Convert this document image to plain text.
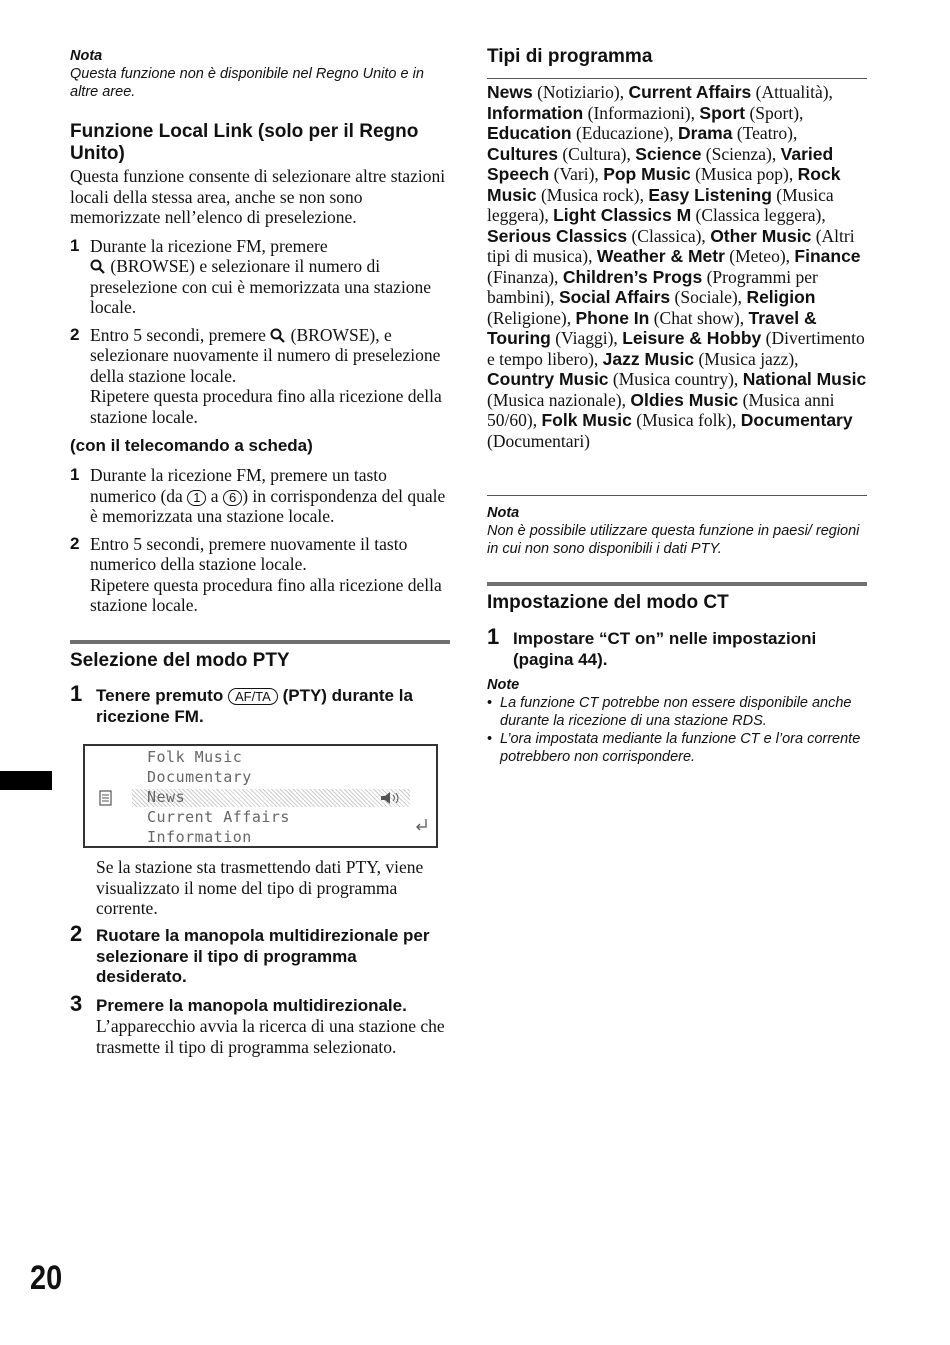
Nota
Questa funzione non è disponibile nel Regno Unito e in altre aree.
Funzione Local Link (solo per il Regno Unito)
Questa funzione consente di selezionare altre stazioni locali della stessa area, anche se non sono memorizzate nell’elenco di preselezione.
1 Durante la ricezione FM, premere
(BROWSE) e selezionare il numero di preselezione con cui è memorizzata una stazione locale.
2 Entro 5 secondi, premere (BROWSE), e selezionare nuovamente il numero di preselezione della stazione locale.
Ripetere questa procedura fino alla ricezione della stazione locale.
(con il telecomando a scheda)
1 Durante la ricezione FM, premere un tasto numerico (da 1 a 6 ) in corrispondenza del quale è memorizzata una stazione locale.
2 Entro 5 secondi, premere nuovamente il tasto numerico della stazione locale.
Ripetere questa procedura fino alla ricezione della stazione locale.
Selezione del modo PTY
1 Tenere premuto AF/TA (PTY) durante la ricezione FM.
Folk Music
Documentary
News
Current Affairs
Information
Se la stazione sta trasmettendo dati PTY, viene visualizzato il nome del tipo di programma corrente.
2 Ruotare la manopola multidirezionale per selezionare il tipo di programma desiderato.
3 Premere la manopola multidirezionale.
L’apparecchio avvia la ricerca di una stazione che trasmette il tipo di programma selezionato.
Tipi di programma
News (Notiziario), Current Affairs (Attualità), Information (Informazioni), Sport (Sport), Education (Educazione), Drama (Teatro), Cultures (Cultura), Science (Scienza), Varied Speech (Vari), Pop Music (Musica pop), Rock Music (Musica rock), Easy Listening (Musica leggera), Light Classics M (Classica leggera), Serious Classics (Classica), Other Music (Altri tipi di musica), Weather & Metr (Meteo), Finance (Finanza), Children’s Progs (Programmi per bambini), Social Affairs (Sociale), Religion (Religione), Phone In (Chat show), Travel & Touring (Viaggi), Leisure & Hobby (Divertimento e tempo libero), Jazz Music (Musica jazz), Country Music (Musica country), National Music (Musica nazionale), Oldies Music (Musica anni 50/60), Folk Music (Musica folk), Documentary (Documentari)
Nota
Non è possibile utilizzare questa funzione in paesi/ regioni in cui non sono disponibili i dati PTY.
Impostazione del modo CT
1 Impostare “CT on” nelle impostazioni (pagina 44).
Note
• La funzione CT potrebbe non essere disponibile anche durante la ricezione di una stazione RDS.
• L’ora impostata mediante la funzione CT e l’ora corrente potrebbero non corrispondere.
20
